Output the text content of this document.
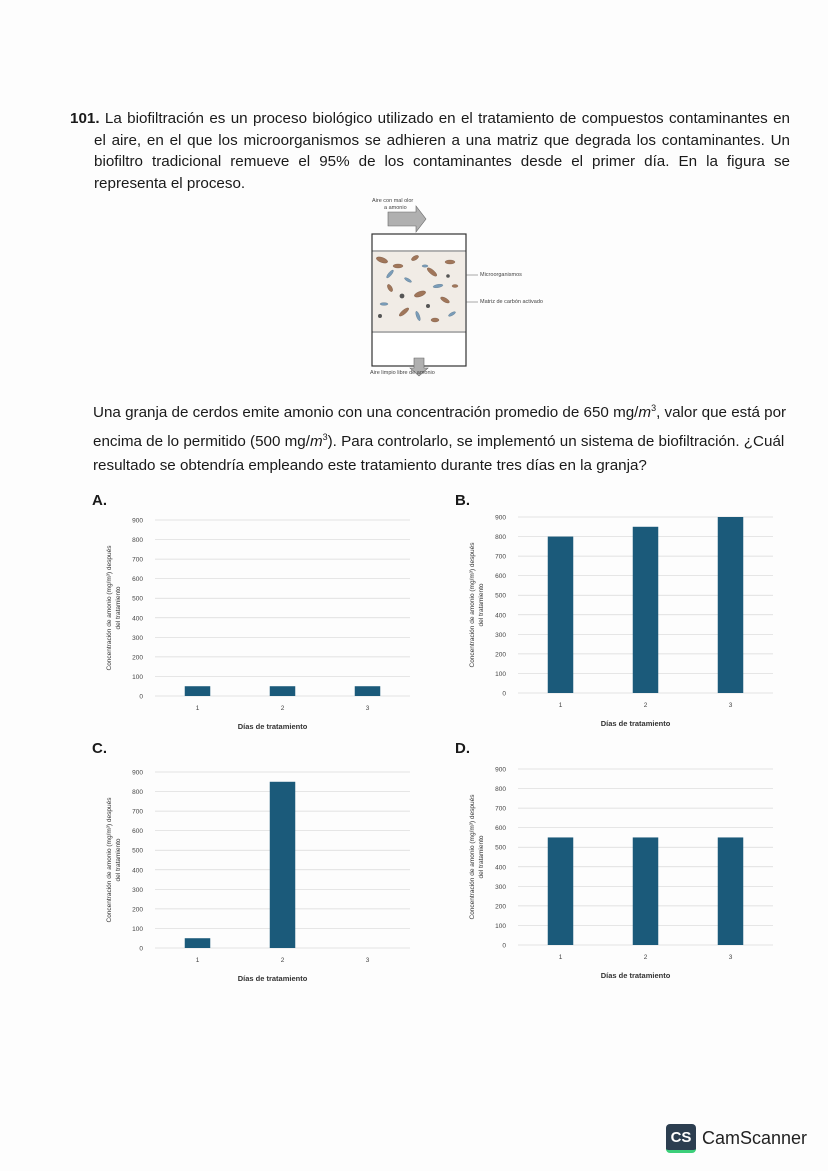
101. La biofiltración es un proceso biológico utilizado en el tratamiento de compuestos contaminantes en el aire, en el que los microorganismos se adhieren a una matriz que degrada los contaminantes. Un biofiltro tradicional remueve el 95% de los contaminantes desde el primer día. En la figura se representa el proceso.

Aire con mal olor
a amonio
Microorganismos
Matriz de carbón activado
Aire limpio libre de amonio

Una granja de cerdos emite amonio con una concentración promedio de 650 $mg/m^3$, valor que está por encima de lo permitido (500 $mg/m^3$). Para controlarlo, se implementó un sistema de biofiltración. ¿Cuál resultado se obtendría empleando este tratamiento durante tres días en la granja?

A.	B.
C.	D.
0
100
200
300
400
500
600
700
800
900
1	2	3
Días de tratamiento
Concentración de amonio (mg/m³) después del tratamiento
0
100
200
300
400
500
600
700
800
900
1	2	3
Días de tratamiento
Concentración de amonio (mg/m³) después del tratamiento
0
100
200
300
400
500
600
700
800
900
1	2	3
Días de tratamiento
Concentración de amonio (mg/m³) después del tratamiento
0
100
200
300
400
500
600
700
800
900
1	2	3
Días de tratamiento
Concentración de amonio (mg/m³) después del tratamiento
CS CamScanner
